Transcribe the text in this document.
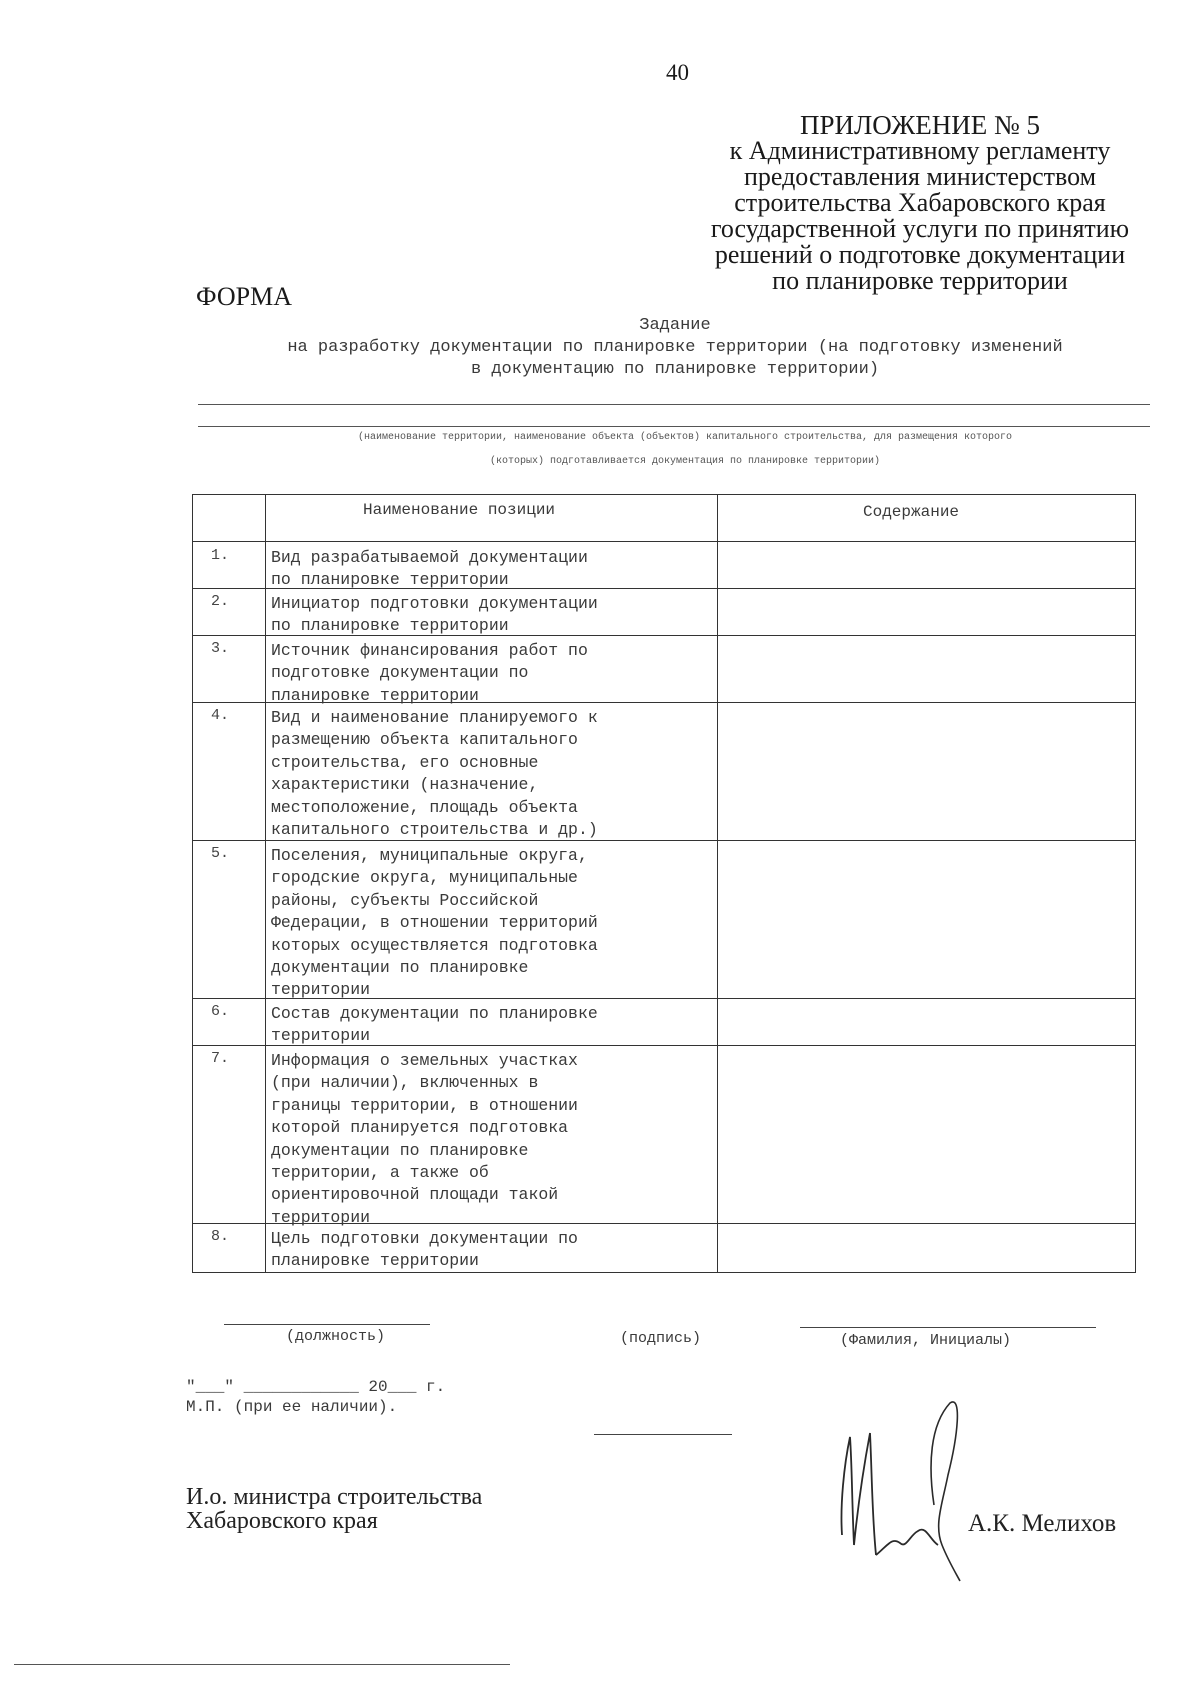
40
ПРИЛОЖЕНИЕ № 5
к Административному регламенту
предоставления министерством
строительства Хабаровского края
государственной услуги по принятию
решений о подготовке документации
по планировке территории
ФОРМА
Задание
на разработку документации по планировке территории (на подготовку изменений
в документацию по планировке территории)
(наименование территории, наименование объекта (объектов) капитального строительства, для размещения которого
(которых) подготавливается документация по планировке территории)
Наименование позиции	Содержание
1.	Вид разрабатываемой документации
по планировке территории
2.	Инициатор подготовки документации
по планировке территории
3.	Источник финансирования работ по
подготовке документации по
планировке территории
4.	Вид и наименование планируемого к
размещению объекта капитального
строительства, его основные
характеристики (назначение,
местоположение, площадь объекта
капитального строительства и др.)
5.	Поселения, муниципальные округа,
городские округа, муниципальные
районы, субъекты Российской
Федерации, в отношении территорий
которых осуществляется подготовка
документации по планировке
территории
6.	Состав документации по планировке
территории
7.	Информация о земельных участках
(при наличии), включенных в
границы территории, в отношении
которой планируется подготовка
документации по планировке
территории, а также об
ориентировочной площади такой
территории
8.	Цель подготовки документации по
планировке территории
(должность)	(подпись)	(Фамилия, Инициалы)
"___" ____________ 20___ г.
М.П. (при ее наличии).
И.о. министра строительства
Хабаровского края	А.К. Мелихов
